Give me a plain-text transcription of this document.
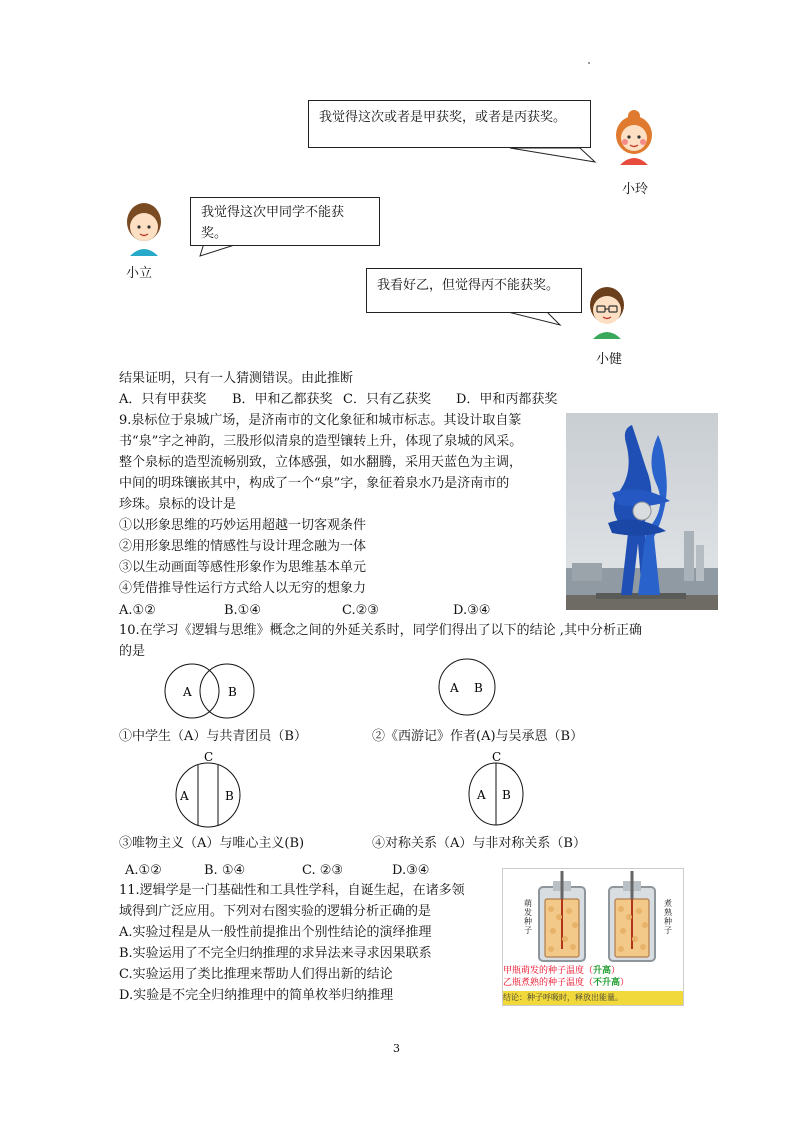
我觉得这次或者是甲获奖，或者是丙获奖。
小玲
小立
我觉得这次甲同学不能获奖。
我看好乙，但觉得丙不能获奖。
小健
结果证明，只有一人猜测错误。由此推断
A．只有甲获奖 B．甲和乙都获奖 C．只有乙获奖 D．甲和丙都获奖
9.泉标位于泉城广场，是济南市的文化象征和城市标志。其设计取自篆
书“泉”字之神韵，三股形似清泉的造型镶转上升，体现了泉城的风采。
整个泉标的造型流畅别致，立体感强，如水翻腾，采用天蓝色为主调，
中间的明珠镶嵌其中，构成了一个“泉”字，象征着泉水乃是济南市的
珍珠。泉标的设计是
①以形象思维的巧妙运用超越一切客观条件
②用形象思维的情感性与设计理念融为一体
③以生动画面等感性形象作为思维基本单元
④凭借推导性运行方式给人以无穷的想象力
A.①②	B.①④	C.②③	D.③④
10.在学习《逻辑与思维》概念之间的外延关系时，同学们得出了以下的结论 ,其中分析正确
的是
A	B	A B
①中学生（A）与共青团员（B）	②《西游记》作者(A)与吴承恩（B）
C
A	B
C
A B
③唯物主义（A）与唯心主义(B)	④对称关系（A）与非对称关系（B）
A.①②	B. ①④	C. ②③	D.③④
11.逻辑学是一门基础性和工具性学科，自诞生起，在诸多领
域得到广泛应用。下列对右图实验的逻辑分析正确的是
A.实验过程是从一般性前提推出个别性结论的演绎推理
B.实验运用了不完全归纳推理的求异法来寻求因果联系
C.实验运用了类比推理来帮助人们得出新的结论
D.实验是不完全归纳推理中的简单枚举归纳推理
萌
发
种
子
煮
熟
种
子
甲瓶萌发的种子温度（升高）
乙瓶煮熟的种子温度（不升高）
结论：种子呼吸时，释放出能量。
3
